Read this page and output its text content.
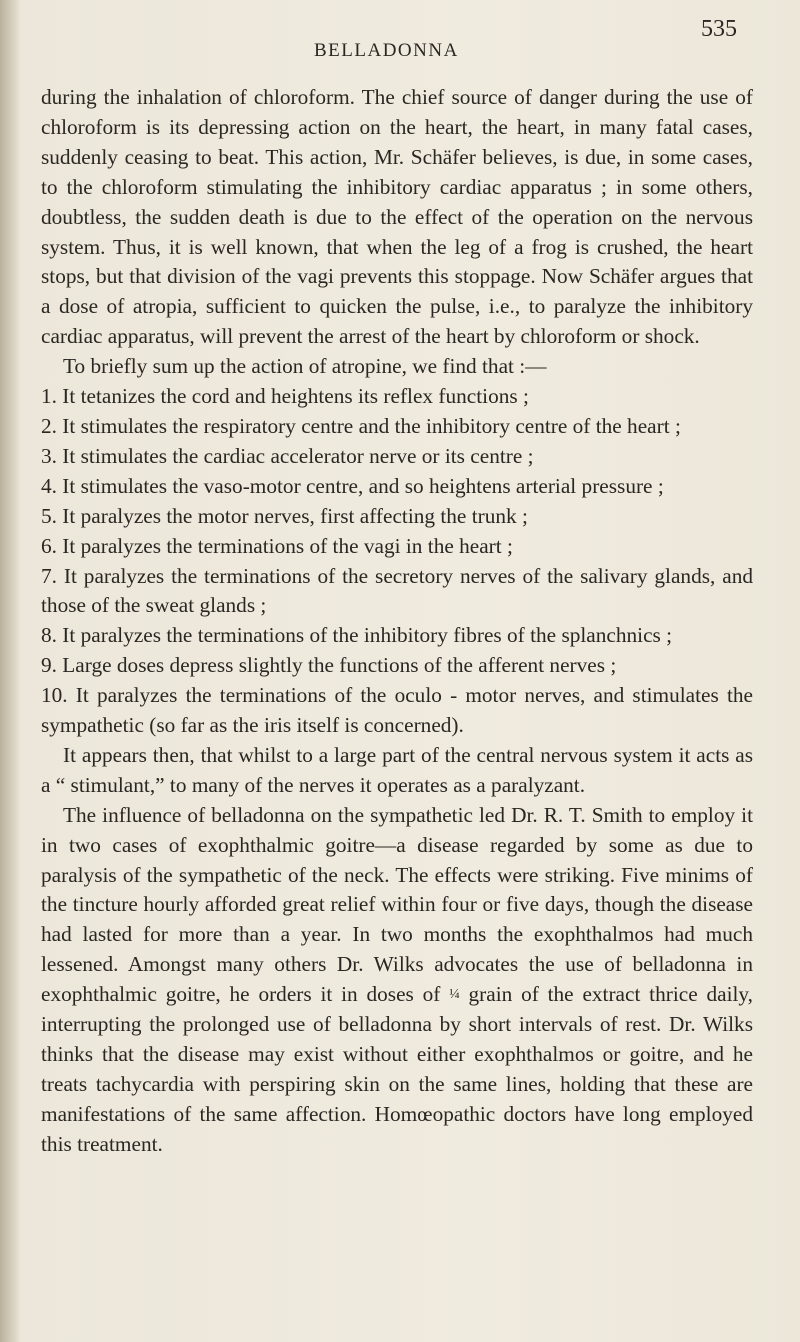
BELLADONNA
535

during the inhalation of chloroform. The chief source of danger during the use of chloroform is its depressing action on the heart, the heart, in many fatal cases, suddenly ceasing to beat. This action, Mr. Schäfer believes, is due, in some cases, to the chloroform stimulating the inhibitory cardiac apparatus ; in some others, doubtless, the sudden death is due to the effect of the operation on the nervous system. Thus, it is well known, that when the leg of a frog is crushed, the heart stops, but that division of the vagi prevents this stoppage. Now Schäfer argues that a dose of atropia, sufficient to quicken the pulse, i.e., to paralyze the inhibitory cardiac apparatus, will prevent the arrest of the heart by chloroform or shock.

To briefly sum up the action of atropine, we find that :—

1. It tetanizes the cord and heightens its reflex functions ;

2. It stimulates the respiratory centre and the inhibitory centre of the heart ;

3. It stimulates the cardiac accelerator nerve or its centre ;

4. It stimulates the vaso-motor centre, and so heightens arterial pressure ;

5. It paralyzes the motor nerves, first affecting the trunk ;

6. It paralyzes the terminations of the vagi in the heart ;

7. It paralyzes the terminations of the secretory nerves of the salivary glands, and those of the sweat glands ;

8. It paralyzes the terminations of the inhibitory fibres of the splanchnics ;

9. Large doses depress slightly the functions of the afferent nerves ;

10. It paralyzes the terminations of the oculo - motor nerves, and stimulates the sympathetic (so far as the iris itself is concerned).

It appears then, that whilst to a large part of the central nervous system it acts as a “ stimulant,” to many of the nerves it operates as a paralyzant.

The influence of belladonna on the sympathetic led Dr. R. T. Smith to employ it in two cases of exophthalmic goitre—a disease regarded by some as due to paralysis of the sympathetic of the neck. The effects were striking. Five minims of the tincture hourly afforded great relief within four or five days, though the disease had lasted for more than a year. In two months the exophthalmos had much lessened. Amongst many others Dr. Wilks advocates the use of belladonna in exophthalmic goitre, he orders it in doses of ¼ grain of the extract thrice daily, interrupting the prolonged use of belladonna by short intervals of rest. Dr. Wilks thinks that the disease may exist without either exophthalmos or goitre, and he treats tachycardia with perspiring skin on the same lines, holding that these are manifestations of the same affection. Homœopathic doctors have long employed this treatment.
